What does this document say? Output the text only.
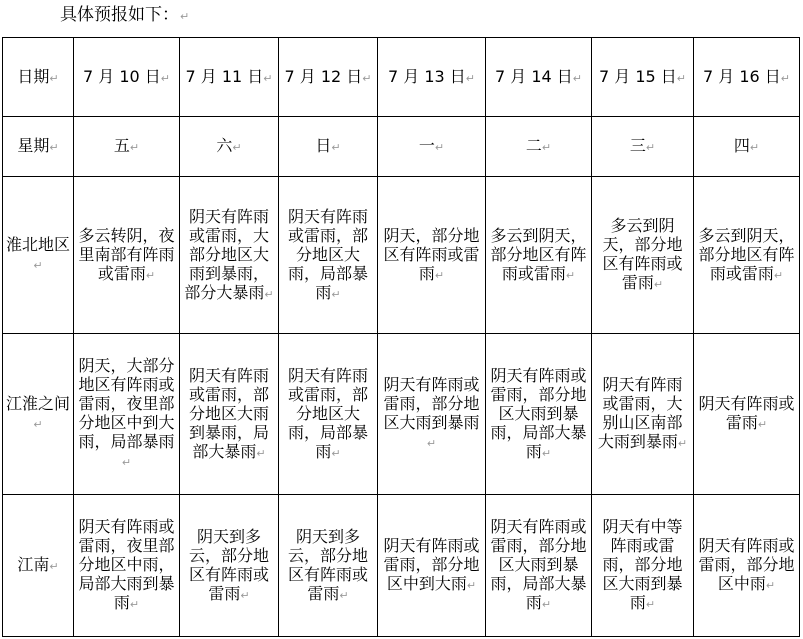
具体预报如下：↵
日期↵	7 月 10 日↵	7 月 11 日↵	7 月 12 日↵	7 月 13 日↵	7 月 14 日↵	7 月 15 日↵	7 月 16 日↵
星期↵	五↵	六↵	日↵	一↵	二↵	三↵	四↵
淮北地区↵	多云转阴，夜里南部有阵雨或雷雨↵	阴天有阵雨或雷雨，大部分地区大雨到暴雨，部分大暴雨↵	阴天有阵雨或雷雨，部分地区大雨，局部暴雨↵	阴天，部分地区有阵雨或雷雨↵	多云到阴天，部分地区有阵雨或雷雨↵	多云到阴天，部分地区有阵雨或雷雨↵	多云到阴天，部分地区有阵雨或雷雨↵
江淮之间↵	阴天，大部分地区有阵雨或雷雨，夜里部分地区中到大雨，局部暴雨↵	阴天有阵雨或雷雨，部分地区大雨到暴雨，局部大暴雨↵	阴天有阵雨或雷雨，部分地区大雨，局部暴雨↵	阴天有阵雨或雷雨，部分地区大雨到暴雨↵	阴天有阵雨或雷雨，部分地区大雨到暴雨，局部大暴雨↵	阴天有阵雨或雷雨，大别山区南部大雨到暴雨↵	阴天有阵雨或雷雨↵
江南↵	阴天有阵雨或雷雨，夜里部分地区中雨，局部大雨到暴雨↵	阴天到多云，部分地区有阵雨或雷雨↵	阴天到多云，部分地区有阵雨或雷雨↵	阴天有阵雨或雷雨，部分地区中到大雨↵	阴天有阵雨或雷雨，部分地区大雨到暴雨，局部大暴雨↵	阴天有中等阵雨或雷雨，部分地区大雨到暴雨↵	阴天有阵雨或雷雨，部分地区中雨↵
